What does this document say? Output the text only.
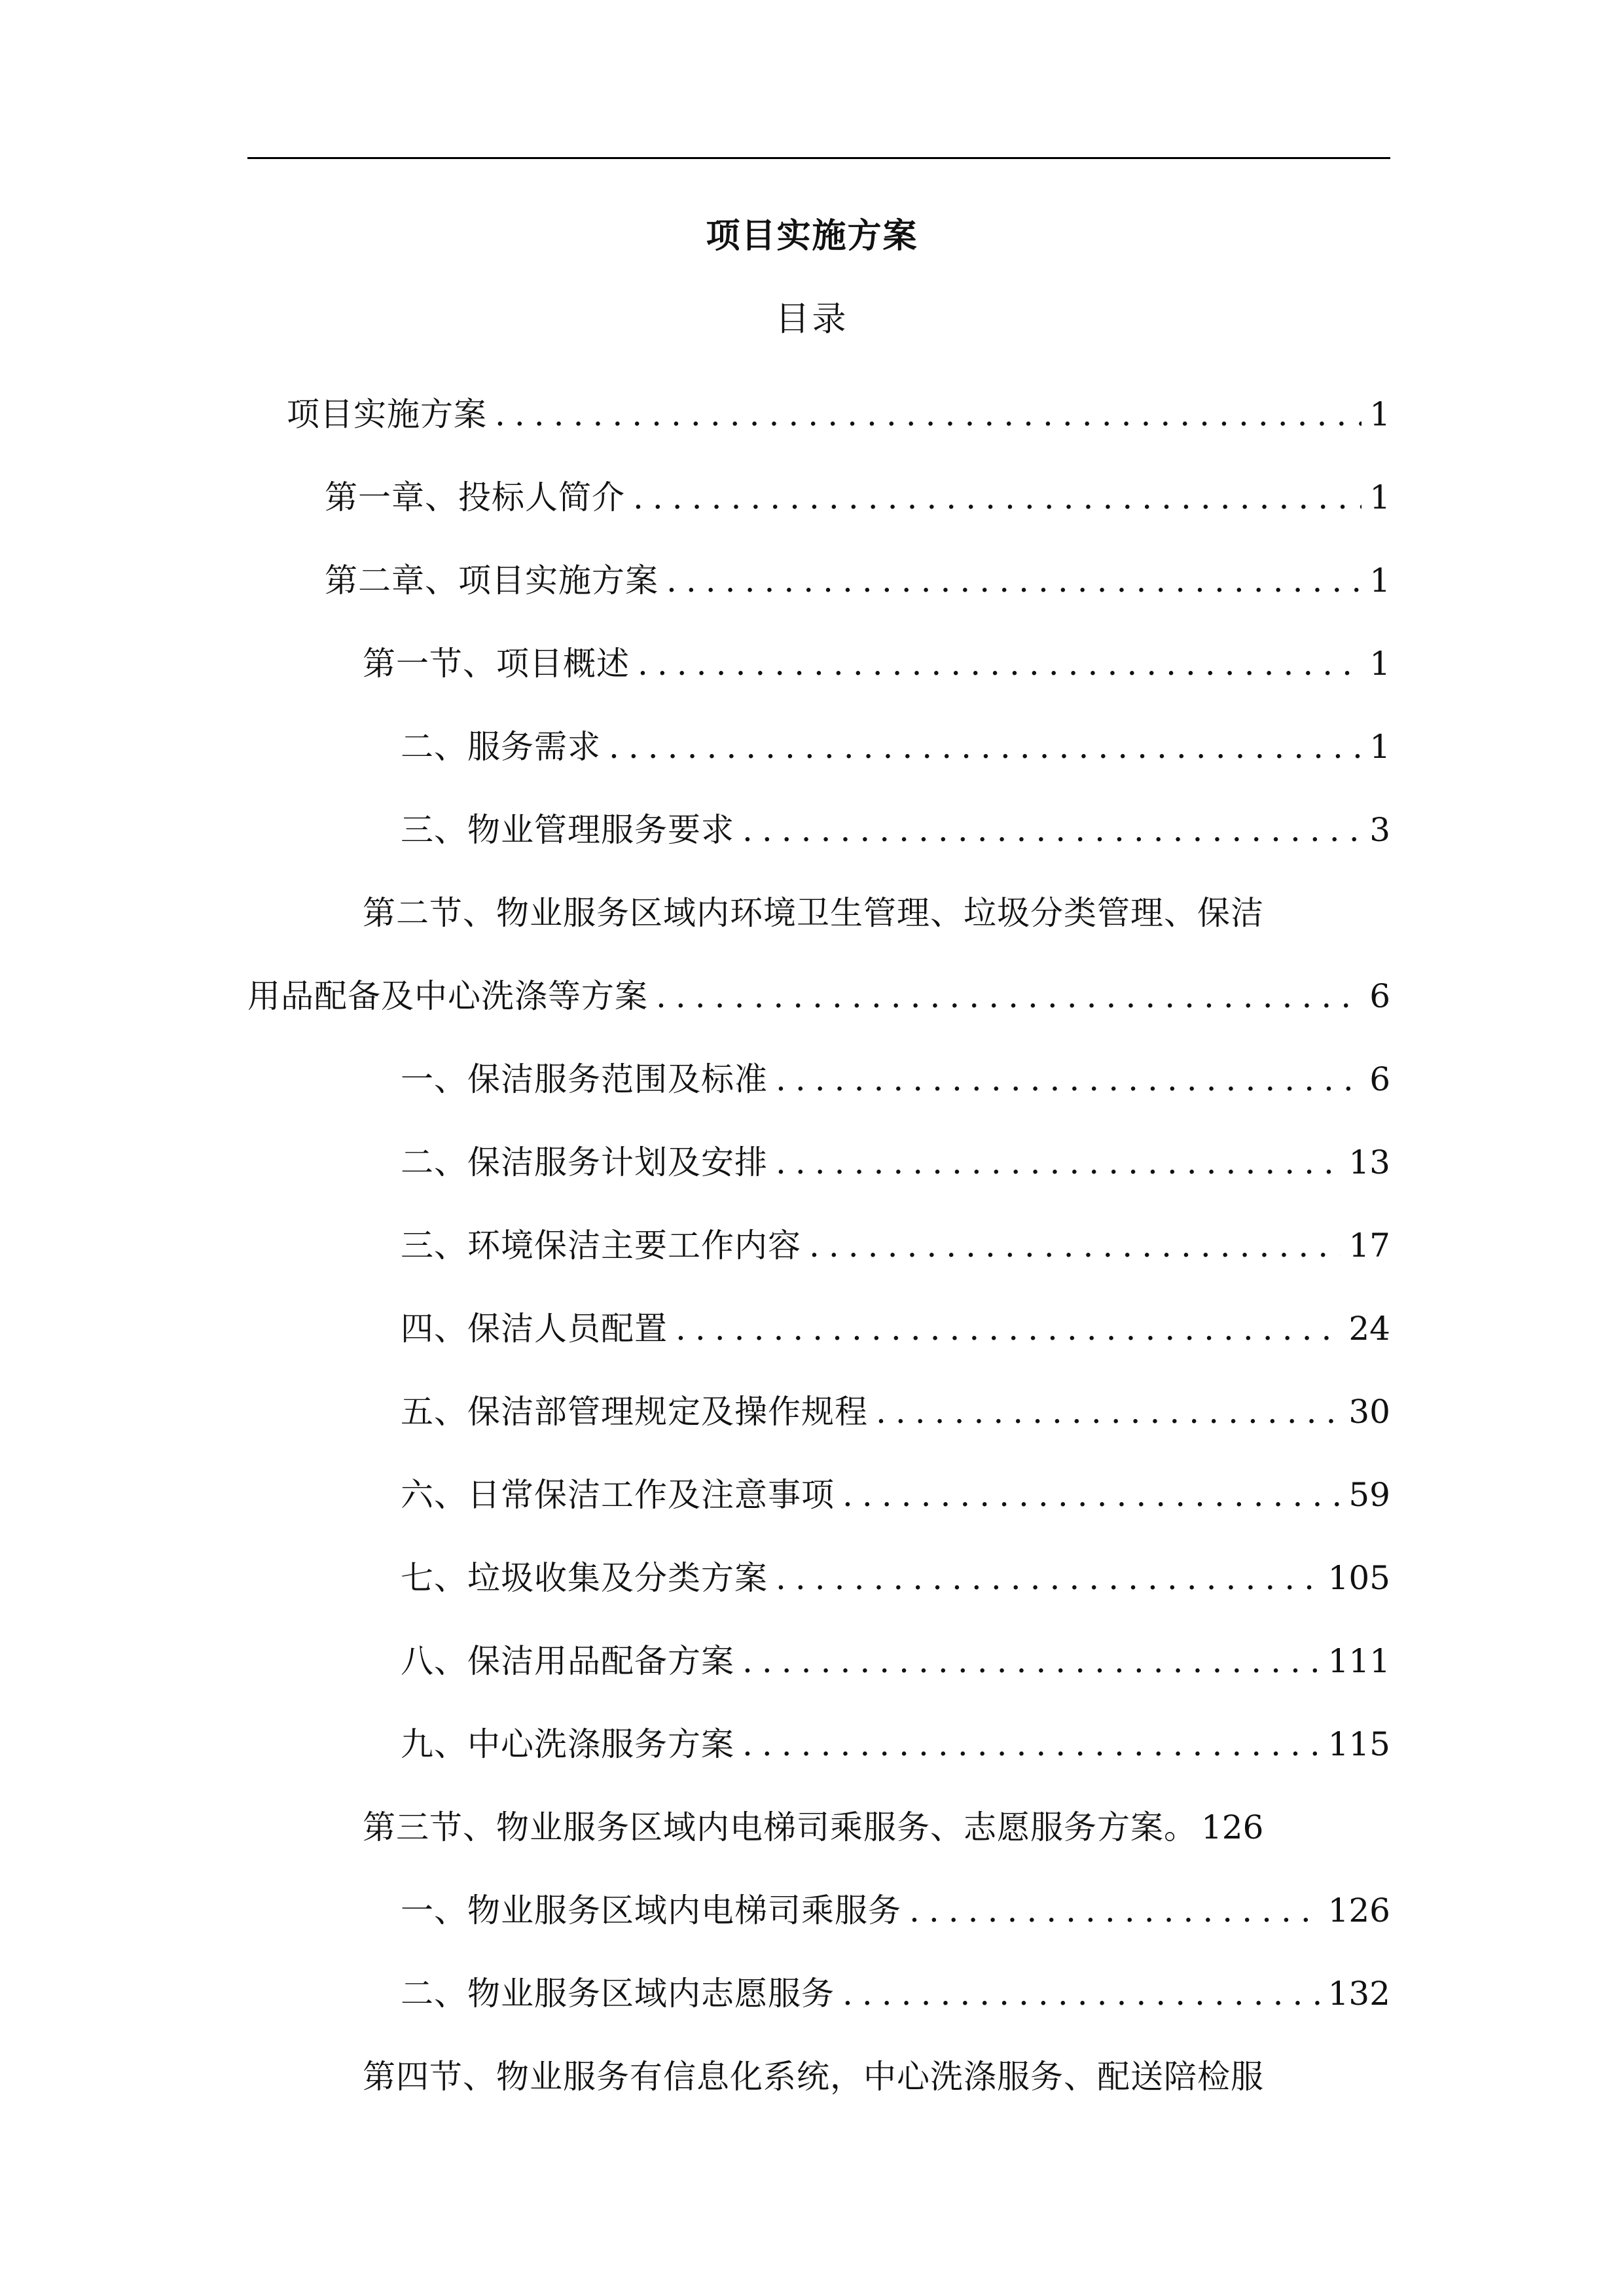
项目实施方案
目录
项目实施方案 .....	1
第一章、投标人简介 .....	1
第二章、项目实施方案 .....	1
第一节、项目概述 .....	1
二、服务需求 .....	1
三、物业管理服务要求 .....	3
第二节、物业服务区域内环境卫生管理、垃圾分类管理、保洁
用品配备及中心洗涤等方案 .....	6
一、保洁服务范围及标准 .....	6
二、保洁服务计划及安排 .....	13
三、环境保洁主要工作内容 .....	17
四、保洁人员配置 .....	24
五、保洁部管理规定及操作规程 .....	30
六、日常保洁工作及注意事项 .....	59
七、垃圾收集及分类方案 .....	105
八、保洁用品配备方案 .....	111
九、中心洗涤服务方案 .....	115
第三节、物业服务区域内电梯司乘服务、志愿服务方案。 126
一、物业服务区域内电梯司乘服务 .....	126
二、物业服务区域内志愿服务 .....	132
第四节、物业服务有信息化系统，中心洗涤服务、配送陪检服
